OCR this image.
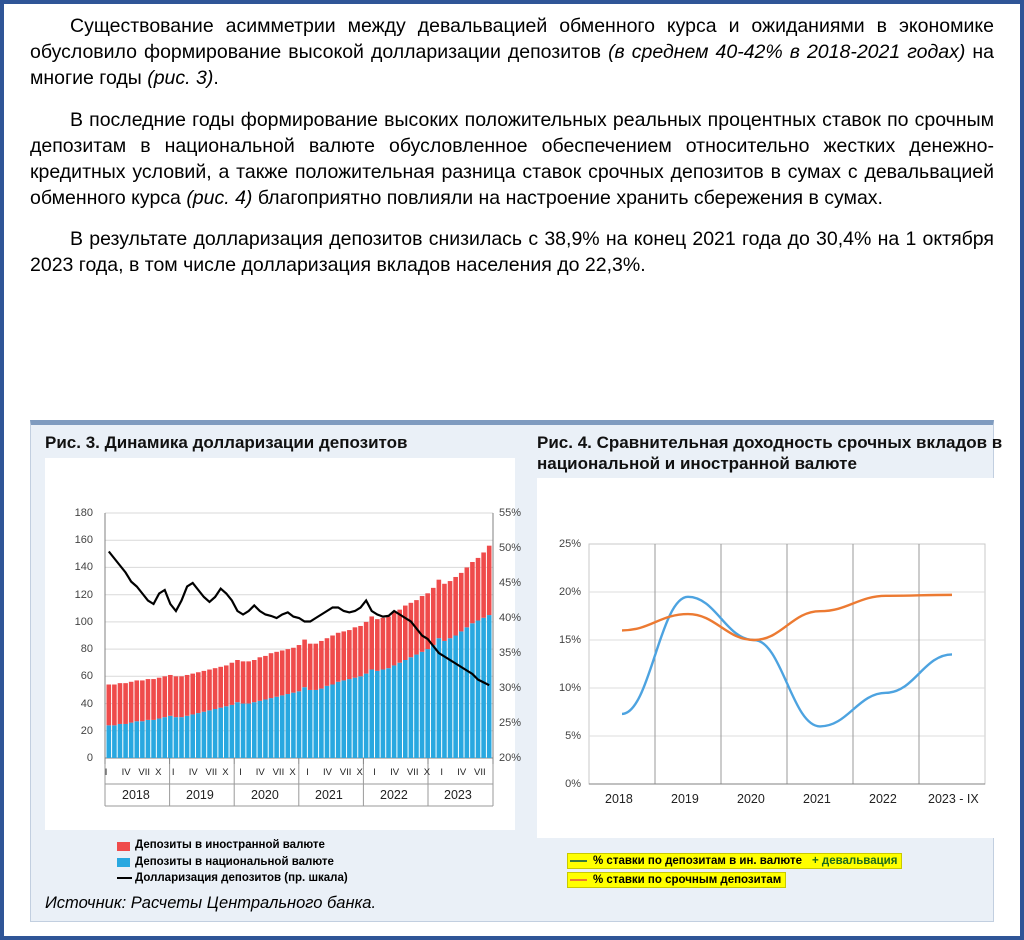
Существование асимметрии между девальвацией обменного курса и ожиданиями в экономике обусловило формирование высокой долларизации депозитов (в среднем 40-42% в 2018-2021 годах) на многие годы (рис. 3).

В последние годы формирование высоких положительных реальных процентных ставок по срочным депозитам в национальной валюте обусловленное обеспечением относительно жестких денежно-кредитных условий, а также положительная разница ставок срочных депозитов в сумах с девальвацией обменного курса (рис. 4) благоприятно повлияли на настроение хранить сбережения в сумах.

В результате долларизация депозитов снизилась с 38,9% на конец 2021 года до 30,4% на 1 октября 2023 года, в том числе долларизация вкладов населения до 22,3%.

Рис. 3. Динамика долларизации депозитов
180
160
140
120
100
80
60
40
20
0
55%
50%
45%
40%
35%
30%
25%
20%
I IV VII X I IV VII X I IV VII X I IV VII X I IV VII X I IV VII
2018	2019	2020	2021	2022	2023
Депозиты в иностранной валюте
Депозиты в национальной валюте
Долларизация депозитов (пр. шкала)
Рис. 4. Сравнительная доходность срочных вкладов в национальной и иностранной валюте
25%
20%
15%
10%
5%
0%
2018	2019	2020	2021	2022 2023 - IX
% ставки по депозитам в ин. валюте + девальвация
% ставки по срочным депозитам
Источник: Расчеты Центрального банка.
